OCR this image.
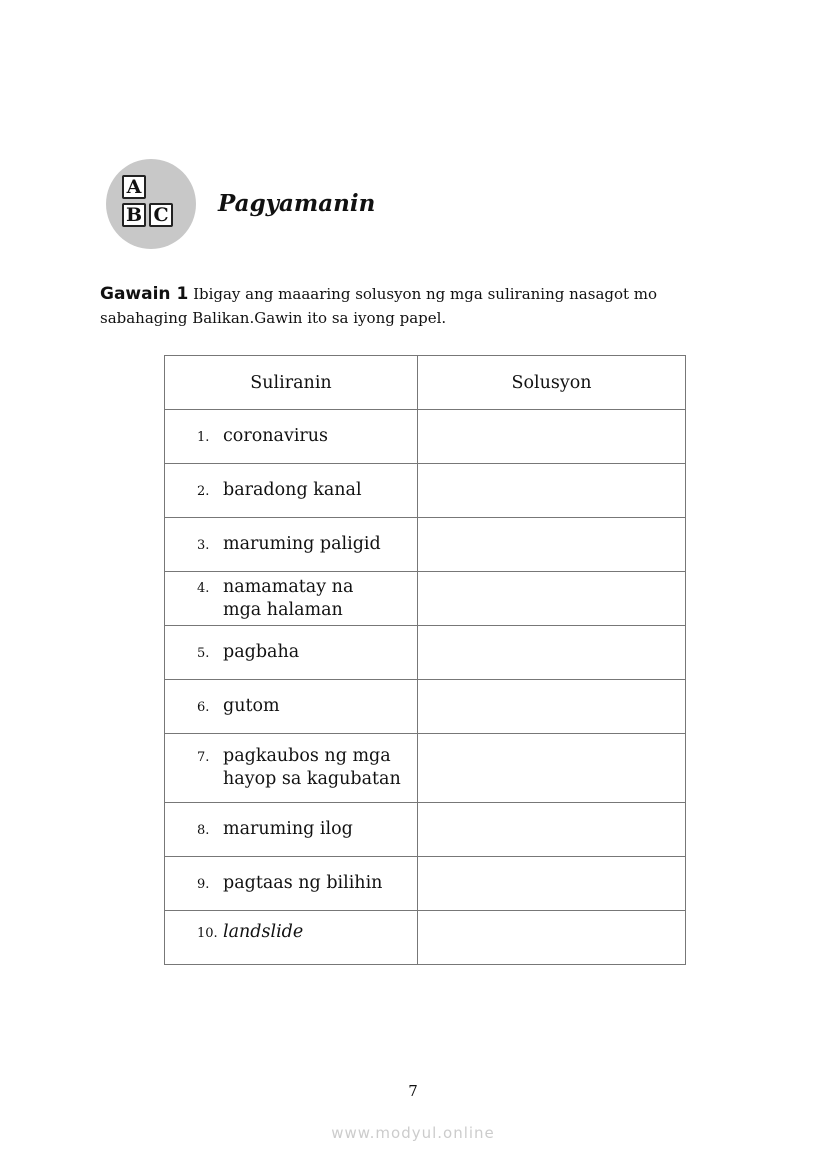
A
B C Pagyamanin
Gawain 1 Ibigay ang maaaring solusyon ng mga suliraning nasagot mo sabahaging Balikan.Gawin ito sa iyong papel.
Suliranin	Solusyon

1. coronavirus	

2. baradong kanal	

3. maruming paligid	

4. namamatay na mga halaman	

5. pagbaha	

6. gutom	

7. pagkaubos ng mga hayop sa kagubatan	

8. maruming ilog	

9. pagtaas ng bilihin	

10. landslide	

7
www.modyul.online
